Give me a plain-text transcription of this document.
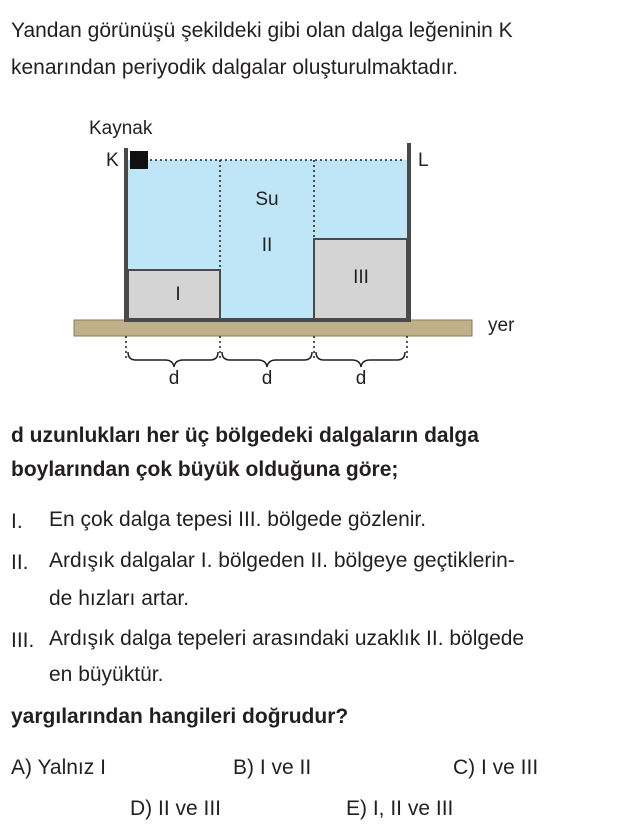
Yandan görünüşü şekildeki gibi olan dalga leğeninin K
kenarından periyodik dalgalar oluşturulmaktadır.
Kaynak
K	L
Su
II
I
III
yer
d	d	d
d uzunlukları her üç bölgedeki dalgaların dalga
boylarından çok büyük olduğuna göre;
I. En çok dalga tepesi III. bölgede gözlenir.
II. Ardışık dalgalar I. bölgeden II. bölgeye geçtiklerin-
de hızları artar.
III. Ardışık dalga tepeleri arasındaki uzaklık II. bölgede
en büyüktür.
yargılarından hangileri doğrudur?
A) Yalnız I	B) I ve II	C) I ve III
D) II ve III	E) I, II ve III
